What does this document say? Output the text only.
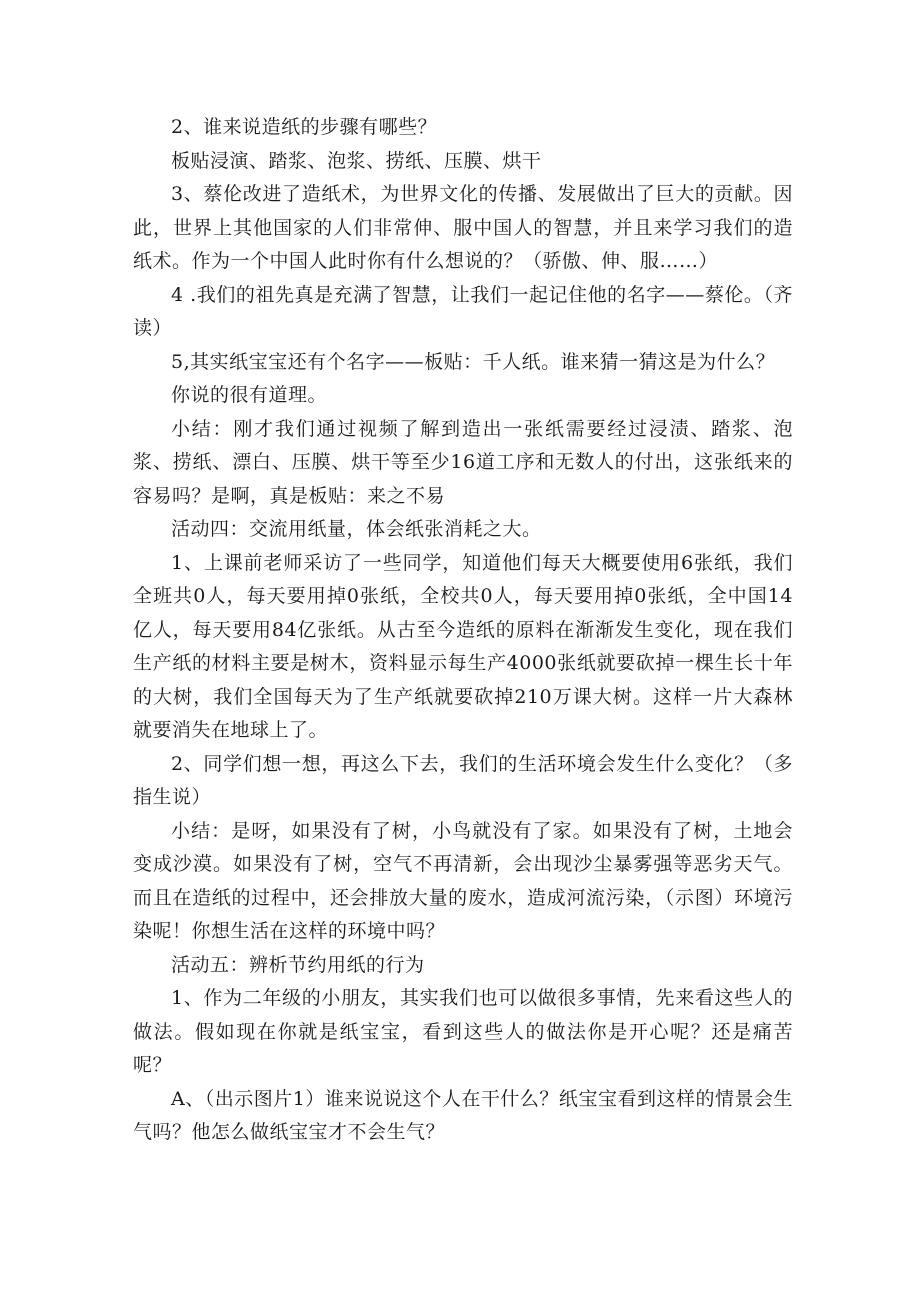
2、谁来说造纸的步骤有哪些？

板贴浸演、踏浆、泡浆、捞纸、压膜、烘干

3、蔡伦改进了造纸术，为世界文化的传播、发展做出了巨大的贡献。因此，世界上其他国家的人们非常伸、服中国人的智慧，并且来学习我们的造纸术。作为一个中国人此时你有什么想说的？（骄傲、伸、服……）

4 .我们的祖先真是充满了智慧，让我们一起记住他的名字——蔡伦。（齐读）

5,其实纸宝宝还有个名字——板贴：千人纸。谁来猜一猜这是为什么？

你说的很有道理。

小结：刚才我们通过视频了解到造出一张纸需要经过浸渍、踏浆、泡浆、捞纸、漂白、压膜、烘干等至少16道工序和无数人的付出，这张纸来的容易吗？是啊，真是板贴：来之不易

活动四：交流用纸量，体会纸张消耗之大。

1、上课前老师采访了一些同学，知道他们每天大概要使用6张纸，我们全班共0人，每天要用掉0张纸，全校共0人，每天要用掉0张纸，全中国14亿人，每天要用84亿张纸。从古至今造纸的原料在渐渐发生变化，现在我们生产纸的材料主要是树木，资料显示每生产4000张纸就要砍掉一棵生长十年的大树，我们全国每天为了生产纸就要砍掉210万课大树。这样一片大森林就要消失在地球上了。

2、同学们想一想，再这么下去，我们的生活环境会发生什么变化？（多指生说）

小结：是呀，如果没有了树，小鸟就没有了家。如果没有了树，土地会变成沙漠。如果没有了树，空气不再清新，会出现沙尘暴雾强等恶劣天气。而且在造纸的过程中，还会排放大量的废水，造成河流污染，（示图）环境污染呢！你想生活在这样的环境中吗？

活动五：辨析节约用纸的行为

1、作为二年级的小朋友，其实我们也可以做很多事情，先来看这些人的做法。假如现在你就是纸宝宝，看到这些人的做法你是开心呢？还是痛苦呢？

A、（出示图片1）谁来说说这个人在干什么？纸宝宝看到这样的情景会生气吗？他怎么做纸宝宝才不会生气？
